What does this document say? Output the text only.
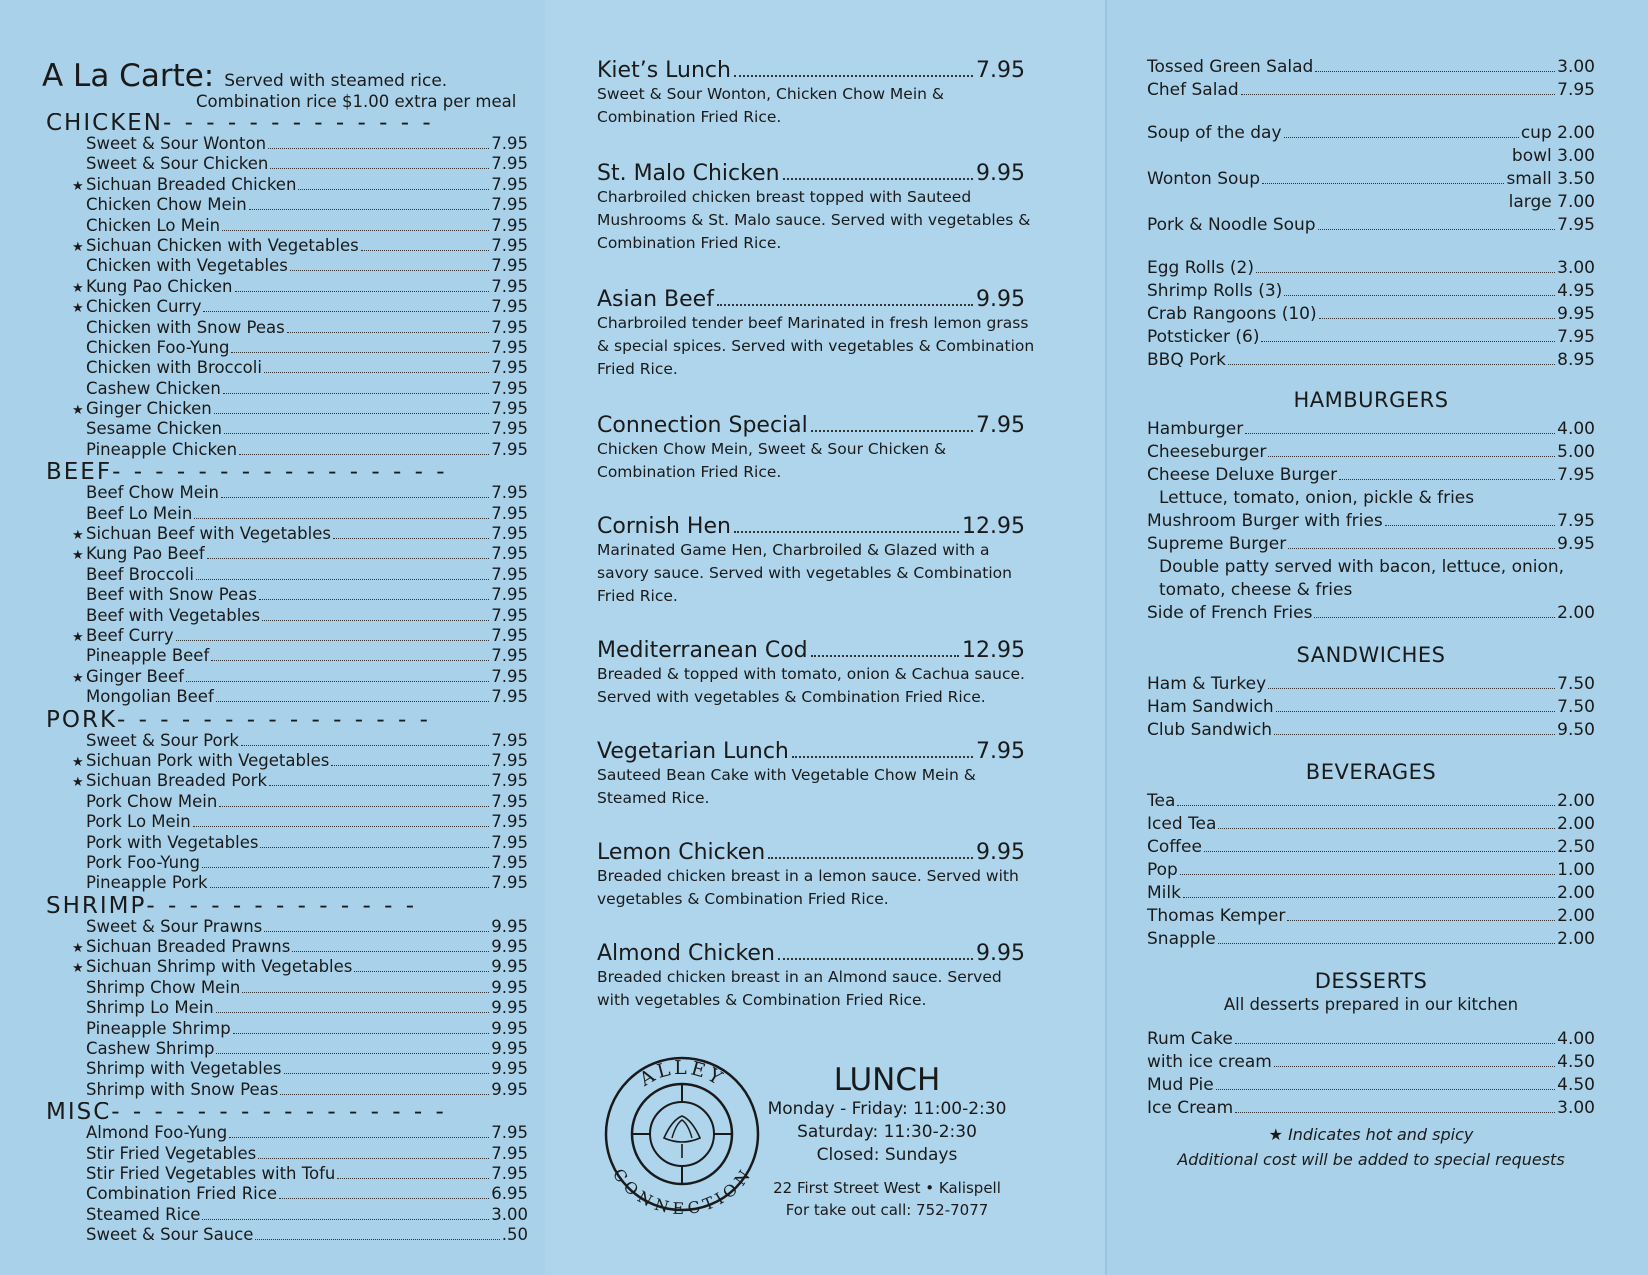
A La Carte: Served with steamed rice.
Combination rice $1.00 extra per meal
CHICKEN- - - - - - - - - - - - -
Sweet & Sour Wonton	7.95
Sweet & Sour Chicken	7.95
★ Sichuan Breaded Chicken	7.95
Chicken Chow Mein	7.95
Chicken Lo Mein	7.95
★ Sichuan Chicken with Vegetables	7.95
Chicken with Vegetables	7.95
★ Kung Pao Chicken	7.95
★ Chicken Curry	7.95
Chicken with Snow Peas	7.95
Chicken Foo-Yung	7.95
Chicken with Broccoli	7.95
Cashew Chicken	7.95
★ Ginger Chicken	7.95
Sesame Chicken	7.95
Pineapple Chicken	7.95
BEEF- - - - - - - - - - - - - - - -
Beef Chow Mein	7.95
Beef Lo Mein	7.95
★ Sichuan Beef with Vegetables	7.95
★ Kung Pao Beef	7.95
Beef Broccoli	7.95
Beef with Snow Peas	7.95
Beef with Vegetables	7.95
★ Beef Curry	7.95
Pineapple Beef	7.95
★ Ginger Beef	7.95
Mongolian Beef	7.95
PORK- - - - - - - - - - - - - - -
Sweet & Sour Pork	7.95
★ Sichuan Pork with Vegetables	7.95
★ Sichuan Breaded Pork	7.95
Pork Chow Mein	7.95
Pork Lo Mein	7.95
Pork with Vegetables	7.95
Pork Foo-Yung	7.95
Pineapple Pork	7.95
SHRIMP- - - - - - - - - - - - -
Sweet & Sour Prawns	9.95
★ Sichuan Breaded Prawns	9.95
★ Sichuan Shrimp with Vegetables	9.95
Shrimp Chow Mein	9.95
Shrimp Lo Mein	9.95
Pineapple Shrimp	9.95
Cashew Shrimp	9.95
Shrimp with Vegetables	9.95
Shrimp with Snow Peas	9.95
MISC- - - - - - - - - - - - - - - -
Almond Foo-Yung	7.95
Stir Fried Vegetables	7.95
Stir Fried Vegetables with Tofu	7.95
Combination Fried Rice	6.95
Steamed Rice	3.00
Sweet & Sour Sauce	.50
Kiet’s Lunch	7.95
Sweet & Sour Wonton, Chicken Chow Mein & Combination Fried Rice.
St. Malo Chicken	9.95
Charbroiled chicken breast topped with Sauteed Mushrooms & St. Malo sauce. Served with vegetables & Combination Fried Rice.
Asian Beef	9.95
Charbroiled tender beef Marinated in fresh lemon grass & special spices. Served with vegetables & Combination Fried Rice.
Connection Special	7.95
Chicken Chow Mein, Sweet & Sour Chicken & Combination Fried Rice.
Cornish Hen	12.95
Marinated Game Hen, Charbroiled & Glazed with a savory sauce. Served with vegetables & Combination Fried Rice.
Mediterranean Cod	12.95
Breaded & topped with tomato, onion & Cachua sauce. Served with vegetables & Combination Fried Rice.
Vegetarian Lunch	7.95
Sauteed Bean Cake with Vegetable Chow Mein & Steamed Rice.
Lemon Chicken	9.95
Breaded chicken breast in a lemon sauce. Served with vegetables & Combination Fried Rice.
Almond Chicken	9.95
Breaded chicken breast in an Almond sauce. Served with vegetables & Combination Fried Rice.
ALLEY
CONNECTION
LUNCH
Monday - Friday: 11:00-2:30
Saturday: 11:30-2:30
Closed: Sundays
22 First Street West • Kalispell
For take out call: 752-7077
Tossed Green Salad	3.00
Chef Salad	7.95
Soup of the day	cup 2.00
bowl 3.00
Wonton Soup	small 3.50
large 7.00
Pork & Noodle Soup	7.95
Egg Rolls (2)	3.00
Shrimp Rolls (3)	4.95
Crab Rangoons (10)	9.95
Potsticker (6)	7.95
BBQ Pork	8.95
HAMBURGERS
Hamburger	4.00
Cheeseburger	5.00
Cheese Deluxe Burger	7.95
Lettuce, tomato, onion, pickle & fries
Mushroom Burger with fries	7.95
Supreme Burger	9.95
Double patty served with bacon, lettuce, onion,
tomato, cheese & fries
Side of French Fries	2.00
SANDWICHES
Ham & Turkey	7.50
Ham Sandwich	7.50
Club Sandwich	9.50
BEVERAGES
Tea	2.00
Iced Tea	2.00
Coffee	2.50
Pop	1.00
Milk	2.00
Thomas Kemper	2.00
Snapple	2.00
DESSERTS
All desserts prepared in our kitchen
Rum Cake	4.00
with ice cream	4.50
Mud Pie	4.50
Ice Cream	3.00
★ Indicates hot and spicy
Additional cost will be added to special requests
